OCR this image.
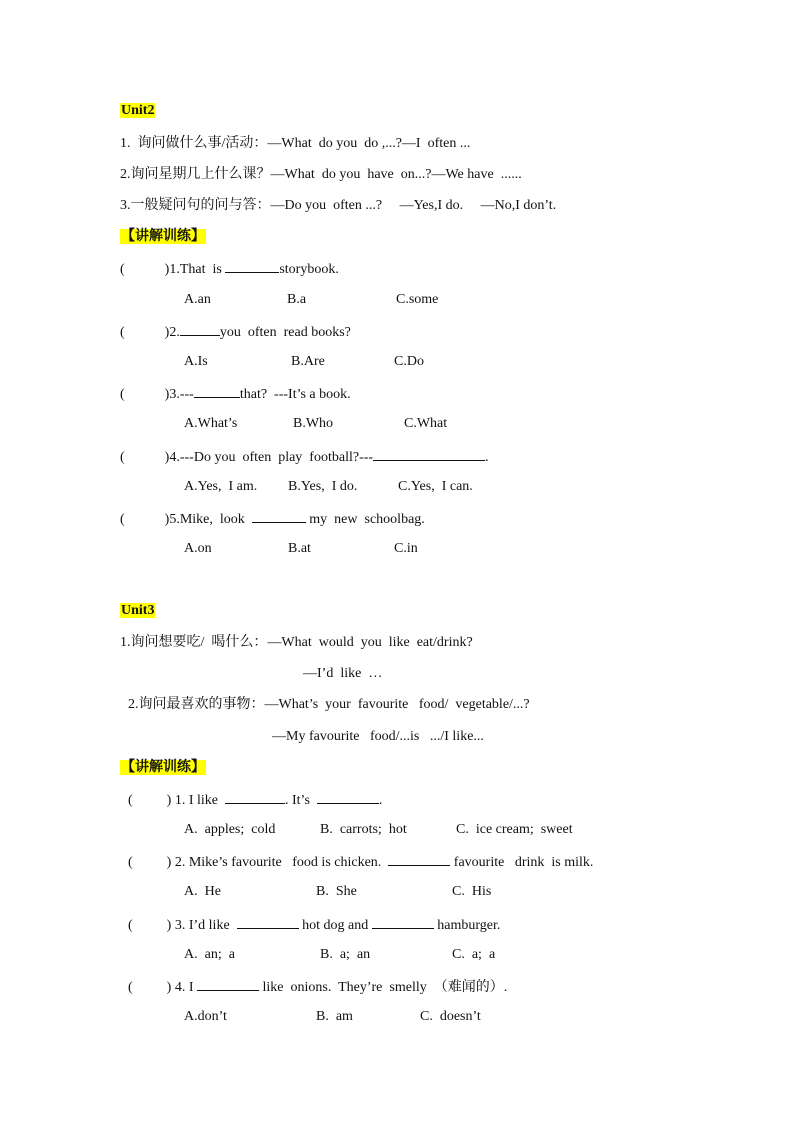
Unit2
1.  询问做什么事/活动：—What  do you  do ,...?—I  often ...
2.询问星期几上什么课？—What  do you  have  on...?—We have  ......
3.一般疑问句的问与答：—Do you  often ...?     —Yes,I do.     —No,I don’t.
【讲解训练】
(	)1.That  is	storybook.
A.an	B.a	C.some
(	)2.	you  often  read books?
A.Is	B.Are	C.Do
(	)3.---	that?  ---It’s a book.
A.What’s	B.Who	C.What
(	)4.---Do you  often  play  football?---	.
A.Yes,  I am. B.Yes,  I do.	C.Yes,  I can.
(	)5.Mike,  look	my  new  schoolbag.
A.on	B.at	C.in
Unit3
1.询问想要吃/  喝什么：—What  would  you  like  eat/drink?
—I’d  like  …
2.询问最喜欢的事物：—What’s  your  favourite   food/  vegetable/...?
—My favourite   food/...is   .../I like...
【讲解训练】
( ) 1. I like	. It’s	.
A.  apples;  cold	B.  carrots;  hot	C.  ice cream;  sweet
( ) 2. Mike’s favourite   food is chicken.	favourite   drink  is milk.
A.  He	B.  She	C.  His
( ) 3. I’d like	hot dog and	hamburger.
A.  an;  a	B.  a;  an	C.  a;  a
( ) 4. I	like  onions.  They’re  smelly  （难闻的）.
A.don’t	B.  am	C.  doesn’t
